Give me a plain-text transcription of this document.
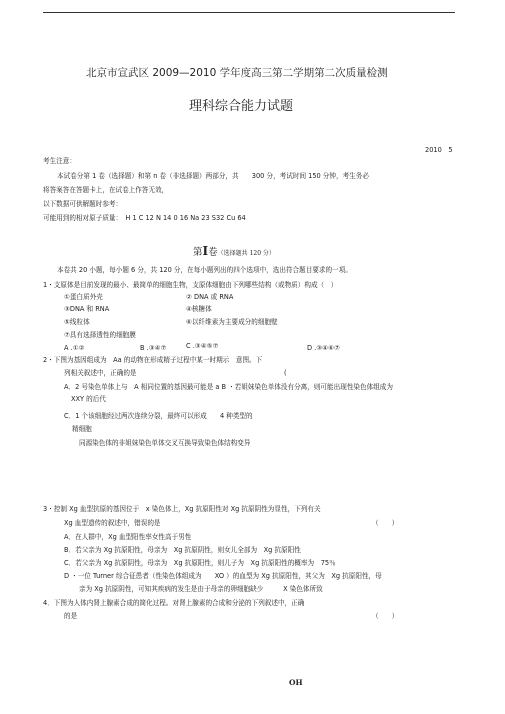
北京市宣武区 2009—2010 学年度高三第二学期第二次质量检测
理科综合能力试题
2010　5
考生注意：
本试卷分第 1 卷（选择题）和第 n 卷（非选择题）两部分，共　　300 分，考试时间 150 分钟，考生务必
将答案答在答题卡上，在试卷上作答无效，
以下数据可供解题时参考：
可能用到的相对原子质量：　H 1 C 12 N 14 0 16 Na 23 S32 Cu 64
第I卷（选择题共 120 分）
本卷共 20 小题，每小题 6 分，共 120 分，在每小题列出的四个选项中，选出符合题目要求的一项。
1・支原体是目前发现的最小、最简单的细胞生物，支原体细胞由下列哪些结构（或物质）构成（　）
①蛋白质外壳	② DNA 或 RNA
③DNA 和 RNA	④核糖体
⑤线粒体	⑥以纤维素为主要成分的细胞壁
⑦具有选择透性的细胞膜
A .①②	B .③④⑦	C .③④⑤⑦	D .③④⑥⑦
2・下图为基因组成为　Aa 的动物在形成精子过程中某一时期示　意图。下
列相关叙述中，正确的是	(
A．2 号染色单体上与　A 相同位置的基因最可能是 a B ・若姐妹染色单体没有分离，则可能出现性染色体组成为
XXY 的后代
C．1 个该细胞经过两次连续分裂，最终可以形成　　4 种类型的
精细胞
同源染色体的非姐妹染色单体交叉互换导致染色体结构变异
3・控制 Xg 血型抗原的基因位于　x 染色体上，Xg 抗原阳性对 Xg 抗原阴性为显性，下列有关
Xg 血型遗传的叙述中，错误的是	（　　）
A．在人群中，Xg 血型阳性率女性高于男性
B．若父亲为 Xg 抗原阳性，母亲为　Xg 抗原阴性，则女儿全部为　Xg 抗原阳性
C．若父亲为 Xg 抗原阴性，母亲为　Xg 抗原阳性，则儿子为　Xg 抗原阳性的概率为　75％
D ・一位 Turner 综合征患者（性染色体组成为　　XO ）的血型为 Xg 抗原阳性，其父为　Xg 抗原阳性，母
亲为 Xg 抗原阴性，可知其疾病的发生是由于母亲的卵细胞缺少　　　X 染色体所致
4．下图为人体内肾上腺素合成的简化过程。对肾上腺素的合成和分泌的下列叙述中，正确
的是	（　　）
OH
